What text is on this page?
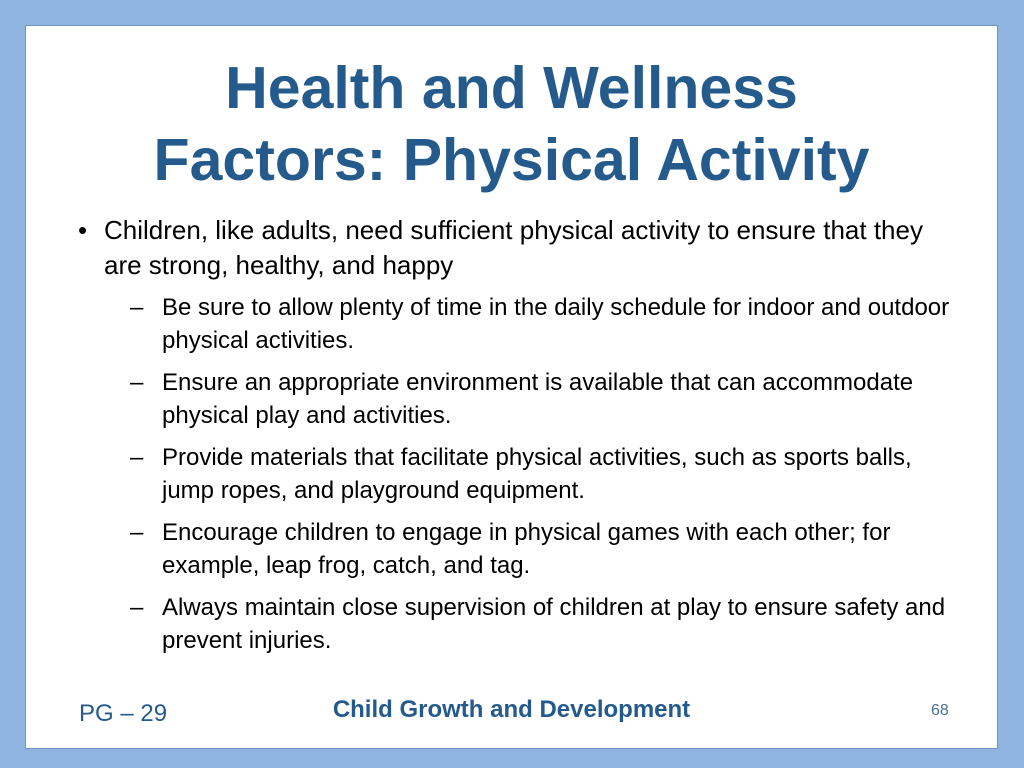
Health and Wellness
Factors: Physical Activity
• Children, like adults, need sufficient physical activity to ensure that they are strong, healthy, and happy
– Be sure to allow plenty of time in the daily schedule for indoor and outdoor physical activities.
– Ensure an appropriate environment is available that can accommodate physical play and activities.
– Provide materials that facilitate physical activities, such as sports balls, jump ropes, and playground equipment.
– Encourage children to engage in physical games with each other; for example, leap frog, catch, and tag.
– Always maintain close supervision of children at play to ensure safety and prevent injuries.
PG – 29	Child Growth and Development	68
